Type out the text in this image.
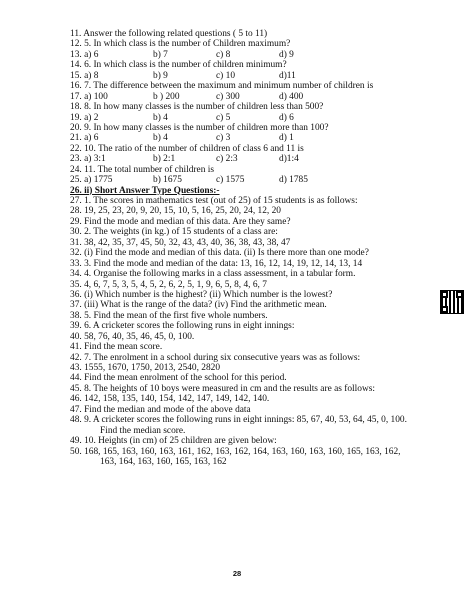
11. Answer the following related questions ( 5 to 11)
12. 5. In which class is the number of Children maximum?
13. a) 6	b) 7	c) 8	d) 9
14. 6. In which class is the number of children minimum?
15. a) 8	b) 9	c) 10	d)11
16. 7. The difference between the maximum and minimum number of children is
17. a) 100	b ) 200	c) 300	d) 400
18. 8. In how many classes is the number of children less than 500?
19. a) 2	b) 4	c) 5	d) 6
20. 9. In how many classes is the number of children more than 100?
21. a) 6	b) 4	c) 3	d) 1
22. 10. The ratio of the number of children of class 6 and 11 is
23. a) 3:1	b) 2:1	c) 2:3	d)1:4
24. 11. The total number of children is
25. a) 1775	b) 1675	c) 1575	d) 1785
26. ii) Short Answer Type Questions:-
27. 1. The scores in mathematics test (out of 25) of 15 students is as follows:
28. 19, 25, 23, 20, 9, 20, 15, 10, 5, 16, 25, 20, 24, 12, 20
29. Find the mode and median of this data. Are they same?
30. 2. The weights (in kg.) of 15 students of a class are:
31. 38, 42, 35, 37, 45, 50, 32, 43, 43, 40, 36, 38, 43, 38, 47
32. (i) Find the mode and median of this data. (ii) Is there more than one mode?
33. 3. Find the mode and median of the data: 13, 16, 12, 14, 19, 12, 14, 13, 14
34. 4. Organise the following marks in a class assessment, in a tabular form.
35. 4, 6, 7, 5, 3, 5, 4, 5, 2, 6, 2, 5, 1, 9, 6, 5, 8, 4, 6, 7
36. (i) Which number is the highest? (ii) Which number is the lowest?
37. (iii) What is the range of the data? (iv) Find the arithmetic mean.
38. 5. Find the mean of the first five whole numbers.
39. 6. A cricketer scores the following runs in eight innings:
40. 58, 76, 40, 35, 46, 45, 0, 100.
41. Find the mean score.
42. 7. The enrolment in a school during six consecutive years was as follows:
43. 1555, 1670, 1750, 2013, 2540, 2820
44. Find the mean enrolment of the school for this period.
45. 8. The heights of 10 boys were measured in cm and the results are as follows:
46. 142, 158, 135, 140, 154, 142, 147, 149, 142, 140.
47. Find the median and mode of the above data
48. 9. A cricketer scores the following runs in eight innings: 85, 67, 40, 53, 64, 45, 0, 100.
Find the median score.
49. 10. Heights (in cm) of 25 children are given below:
50. 168, 165, 163, 160, 163, 161, 162, 163, 162, 164, 163, 160, 163, 160, 165, 163, 162,
163, 164, 163, 160, 165, 163, 162
28
